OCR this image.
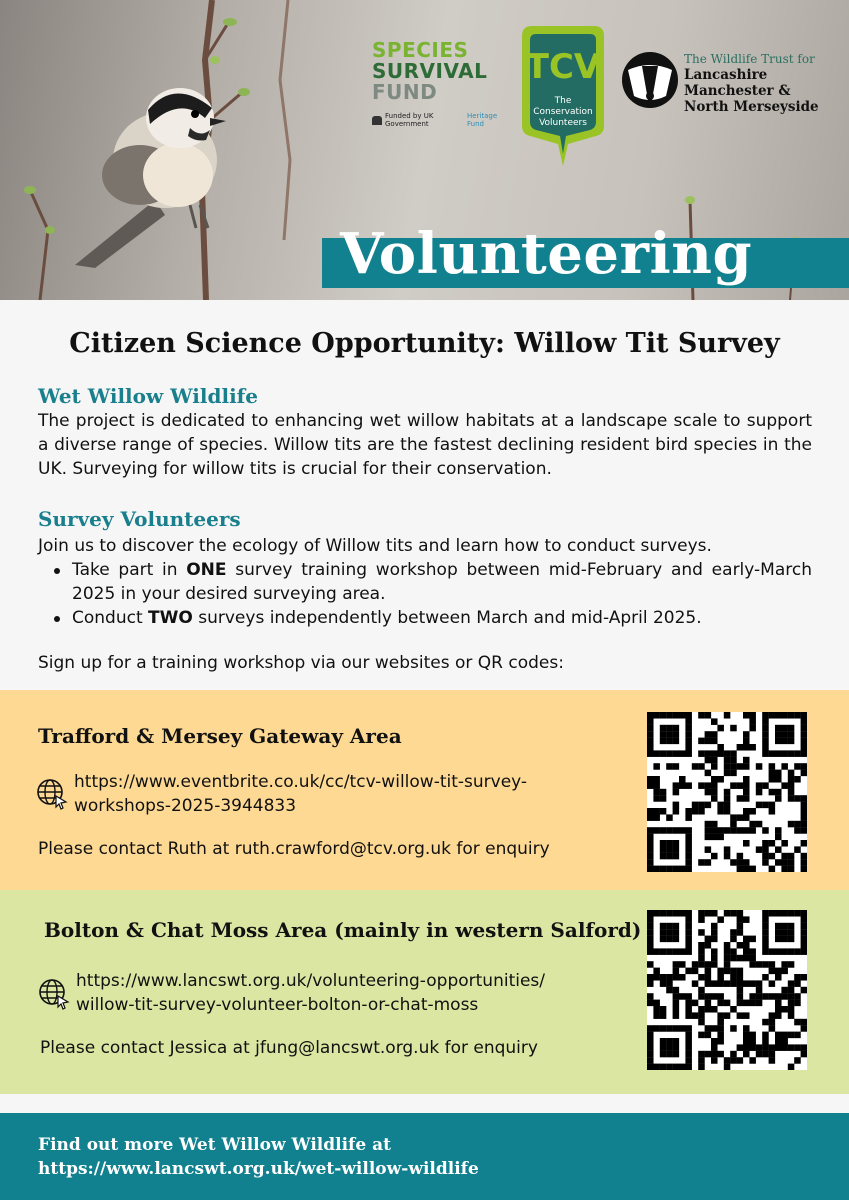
SPECIES
SURVIVAL
FUND
Funded by UK Government
Heritage Fund
TCV
The Conservation Volunteers
The Wildlife Trust for
Lancashire Manchester & North Merseyside
Volunteering
Citizen Science Opportunity: Willow Tit Survey
Wet Willow Wildlife

The project is dedicated to enhancing wet willow habitats at a landscape scale to support a diverse range of species. Willow tits are the fastest declining resident bird species in the UK. Surveying for willow tits is crucial for their conservation.

Survey Volunteers

Join us to discover the ecology of Willow tits and learn how to conduct surveys.

Take part in ONE survey training workshop between mid-February and early-March 2025 in your desired surveying area.
Conduct TWO surveys independently between March and mid-April 2025.

Sign up for a training workshop via our websites or QR codes:

Trafford & Mersey Gateway Area
https://www.eventbrite.co.uk/cc/tcv-willow-tit-survey-
workshops-2025-3944833

Please contact Ruth at ruth.crawford@tcv.org.uk for enquiry

Bolton & Chat Moss Area (mainly in western Salford)
https://www.lancswt.org.uk/volunteering-opportunities/
willow-tit-survey-volunteer-bolton-or-chat-moss

Please contact Jessica at jfung@lancswt.org.uk for enquiry

Find out more Wet Willow Wildlife at

https://www.lancswt.org.uk/wet-willow-wildlife
